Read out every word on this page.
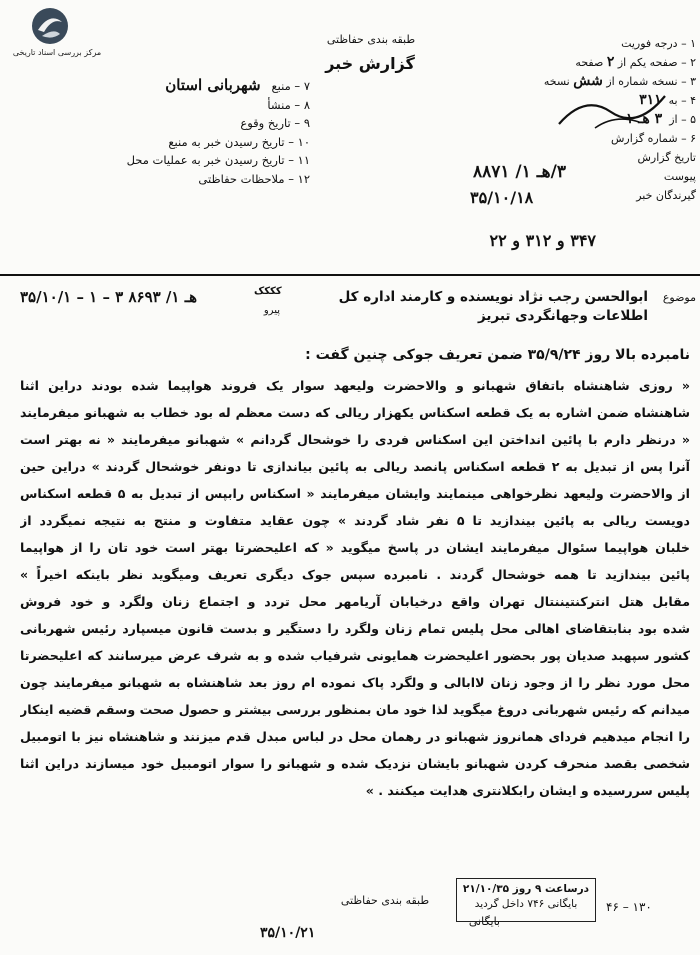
مرکز بررسی اسناد تاریخی
طبقه بندی حفاظتی
گزارش خبر
۷ – منبع   شهربانی استان
۸ – منشأ
۹ – تاریخ وقوع
۱۰ – تاریخ رسیدن خبر به منبع
۱۱ – تاریخ رسیدن خبر به عملیات محل
۱۲ – ملاحظات حفاظتی
۱ – درجه فوریت
۲ – صفحه یکم از ۲ صفحه
۳ – نسخه شماره از شش نسخه
۴ – به  ۳۱۱
۵ – از  ۳ هـ ۱
۶ – شماره گزارش
تاریخ گزارش
پیوست
گیرندگان خبر
۳/هـ ۱/ ۸۸۷۱
۳۵/۱۰/۱۸
۳۴۷ و ۳۱۲ و ۲۲
موضوع
ابوالحسن رجب نژاد نویسنده و کارمند اداره کل
اطلاعات وجهانگردی تبریز
۳۵/۱۰/۱ – ۱ – ۳ هـ ۱/ ۸۶۹۳	کککک
پیرو
نامبرده بالا روز ۳۵/۹/۲۴ ضمن تعریف جوکی چنین گفت :
« روزی شاهنشاه باتفاق شهبانو و والاحضرت ولیعهد سوار یک فروند هواپیما شده بودند دراین اثنا
شاهنشاه ضمن اشاره به یک قطعه اسکناس یکهزار ریالی که دست معظم له بود خطاب به شهبانو میفرمایند
« درنظر دارم با پائین انداختن این اسکناس فردی را خوشحال گردانم » شهبانو میفرمایند « نه بهتر است
آنرا پس از تبدیل به ۲ قطعه اسکناس پانصد ریالی به پائین بیاندازی تا دونفر خوشحال گردند » دراین حین
از والاحضرت ولیعهد نظرخواهی مینمایند وایشان میفرمایند « اسکناس رابپس از تبدیل به ۵ قطعه اسکناس
دویست ریالی به پائین بیندازید تا ۵ نفر شاد گردند » چون عقاید متفاوت و منتج به نتیجه نمیگردد از
خلبان هواپیما سئوال میفرمایند ایشان در پاسخ میگوید « که اعلیحضرتا بهتر است خود تان را از هواپیما
پائین بیندازید تا همه خوشحال گردند . نامبرده سپس جوک دیگری تعریف ومیگوید نظر باینکه اخیراً »
مقابل هتل انترکنتیننتال تهران واقع درخیابان آریامهر محل تردد و اجتماع زنان ولگرد و خود فروش
شده بود بنابتقاضای اهالی محل پلیس تمام زنان ولگرد را دستگیر و بدست قانون میسپارد رئیس شهربانی
کشور سپهبد صدیان پور بحضور اعلیحضرت همایونی شرفیاب شده و به شرف عرض میرسانند که اعلیحضرتا
محل مورد نظر را از وجود زنان لاابالی و ولگرد پاک نموده ام روز بعد شاهنشاه به شهبانو میفرمایند چون
میدانم که رئیس شهربانی دروغ میگوید لذا خود مان بمنظور بررسی بیشتر و حصول صحت وسقم قضیه اینکار
را انجام میدهیم فردای همانروز شهبانو در رهمان محل در لباس مبدل قدم میزنند و شاهنشاه نیز با اتومبیل
شخصی بقصد منحرف کردن شهبانو بایشان نزدیک شده و شهبانو را سوار اتومبیل خود میسازند دراین اثنا
پلیس سررسیده و ایشان رابکلانتری هدایت میکنند . »
طبقه بندی حفاظتی
درساعت ۹ روز ۲۱/۱۰/۳۵
بایگانی ۷۴۶ داخل گردید	۴۶ – ۱۳۰
بایگانی
۳۵/۱۰/۲۱
